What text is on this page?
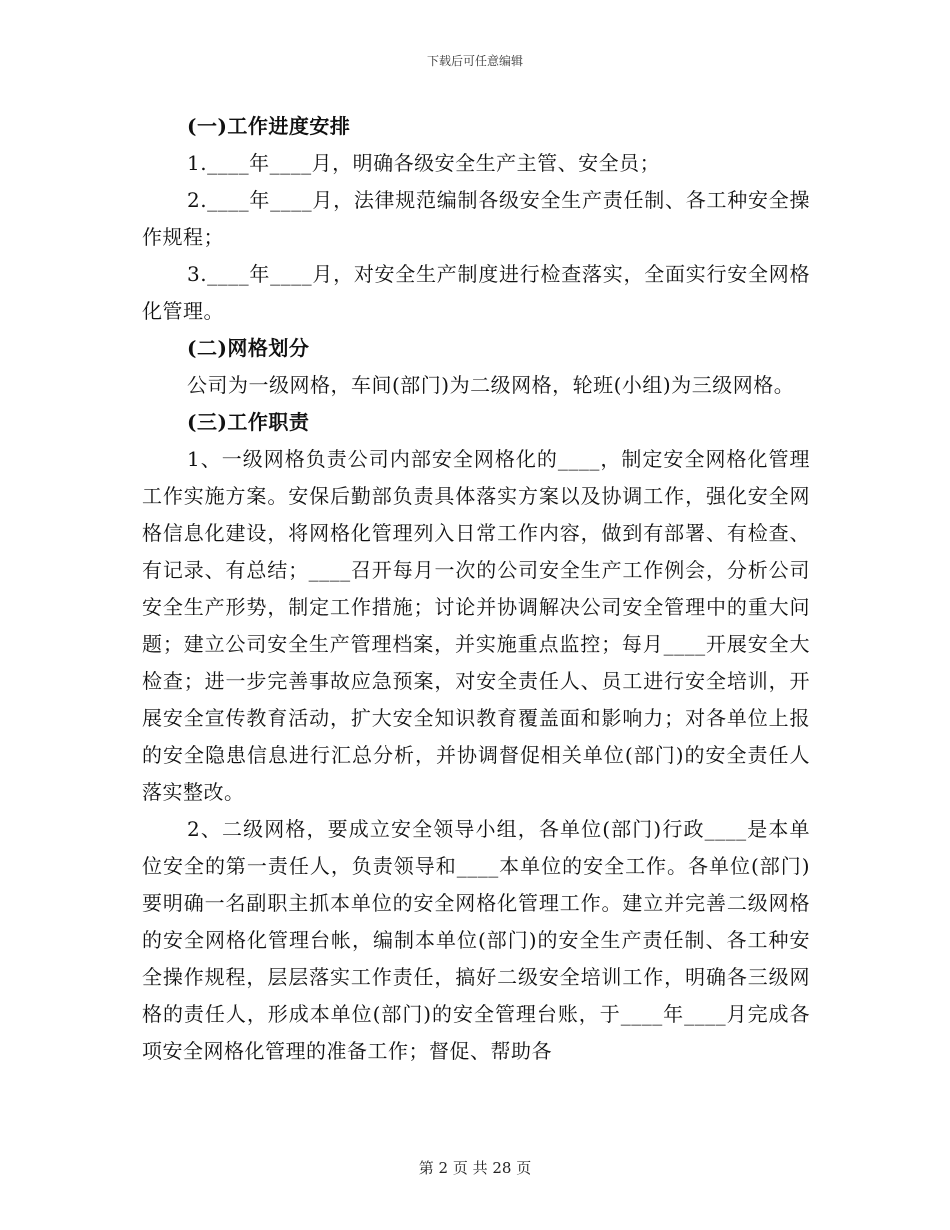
下载后可任意编辑

(一)工作进度安排

1.____年____月，明确各级安全生产主管、安全员；

2.____年____月，法律规范编制各级安全生产责任制、各工种安全操作规程；

3.____年____月，对安全生产制度进行检查落实，全面实行安全网格化管理。

(二)网格划分

公司为一级网格，车间(部门)为二级网格，轮班(小组)为三级网格。

(三)工作职责

1、一级网格负责公司内部安全网格化的____，制定安全网格化管理工作实施方案。安保后勤部负责具体落实方案以及协调工作，强化安全网格信息化建设，将网格化管理列入日常工作内容，做到有部署、有检查、有记录、有总结；____召开每月一次的公司安全生产工作例会，分析公司安全生产形势，制定工作措施；讨论并协调解决公司安全管理中的重大问题；建立公司安全生产管理档案，并实施重点监控；每月____开展安全大检查；进一步完善事故应急预案，对安全责任人、员工进行安全培训，开展安全宣传教育活动，扩大安全知识教育覆盖面和影响力；对各单位上报的安全隐患信息进行汇总分析，并协调督促相关单位(部门)的安全责任人落实整改。

2、二级网格，要成立安全领导小组，各单位(部门)行政____是本单位安全的第一责任人，负责领导和____本单位的安全工作。各单位(部门)要明确一名副职主抓本单位的安全网格化管理工作。建立并完善二级网格的安全网格化管理台帐，编制本单位(部门)的安全生产责任制、各工种安全操作规程，层层落实工作责任，搞好二级安全培训工作，明确各三级网格的责任人，形成本单位(部门)的安全管理台账，于____年____月完成各项安全网格化管理的准备工作；督促、帮助各

第 2 页 共 28 页
